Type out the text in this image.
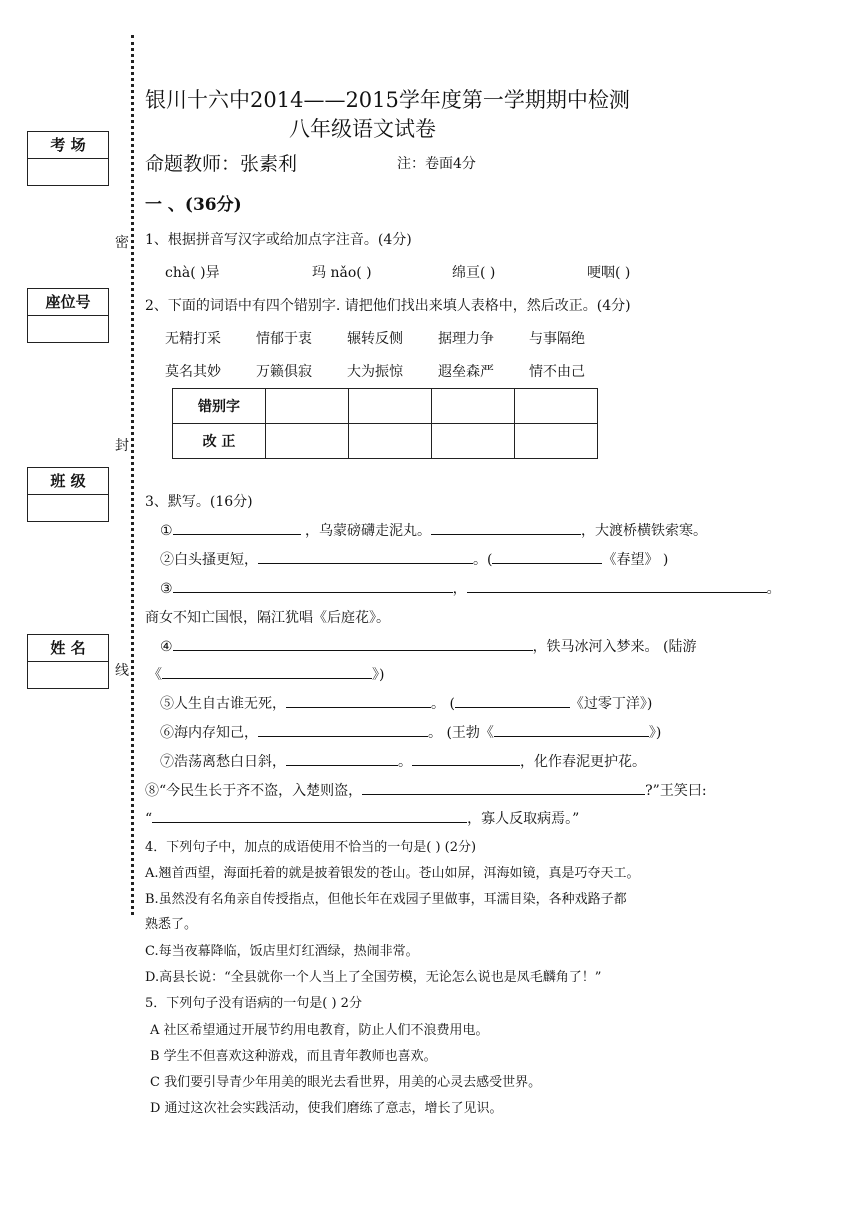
密
封
线
考 场
座位号
班 级
姓 名
银川十六中2014——2015学年度第一学期期中检测
八年级语文试卷
命题教师：张素利	注：卷面4分
一 、(36分)
1、根据拼音写汉字或给加点字注音。(4分)
chà( )异	玛 nǎo( )	绵亘( )	哽咽( )
2、下面的词语中有四个错别字. 请把他们找出来填人表格中，然后改正。(4分)
无精打采	情郁于衷	辗转反侧	据理力争	与事隔绝
莫名其妙	万籁俱寂	大为振惊	遐垒森严	情不由己
错别字				
改 正				
3、默写。(16分)
①	，乌蒙磅礴走泥丸。	，大渡桥横铁索寒。
②白头搔更短，	。(	《春望》 )
③	，	。
商女不知亡国恨，隔江犹唱《后庭花》。
④	，铁马冰河入梦来。 (陆游
《	》)
⑤人生自古谁无死，	。 (	《过零丁洋》)
⑥海内存知己，	。 (王勃《	》)
⑦浩荡离愁白日斜，	。	，化作春泥更护花。
⑧“今民生长于齐不盗，入楚则盗，	?”王笑曰:
“	，寡人反取病焉。”
4．下列句子中，加点的成语使用不恰当的一句是( ) (2分)
A.翘首西望，海面托着的就是披着银发的苍山。苍山如屏，洱海如镜，真是巧夺天工。
B.虽然没有名角亲自传授指点，但他长年在戏园子里做事，耳濡目染，各种戏路子都
熟悉了。
C.每当夜幕降临，饭店里灯红酒绿，热闹非常。
D.高县长说：“全县就你一个人当上了全国劳模，无论怎么说也是凤毛麟角了！”
5．下列句子没有语病的一句是( ) 2分
A 社区希望通过开展节约用电教育，防止人们不浪费用电。
B 学生不但喜欢这种游戏，而且青年教师也喜欢。
C 我们要引导青少年用美的眼光去看世界，用美的心灵去感受世界。
D 通过这次社会实践活动，使我们磨练了意志，增长了见识。
